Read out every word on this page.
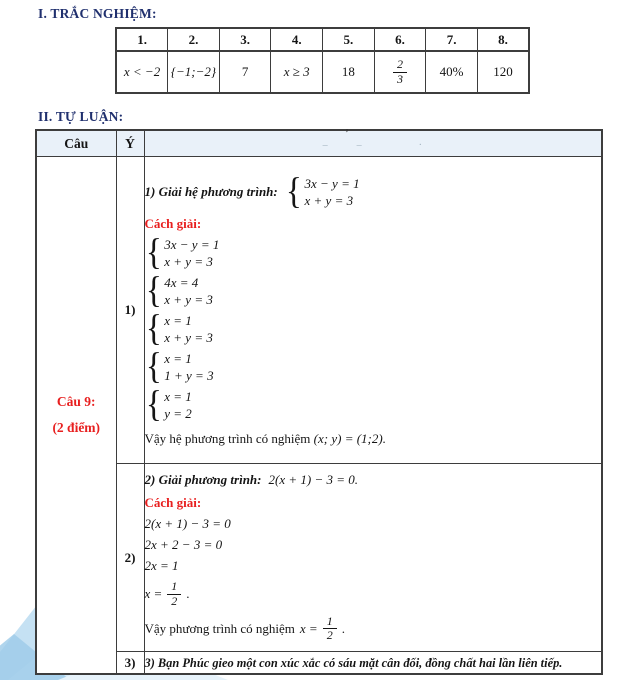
I. TRẮC NGHIỆM:
1.	2.	3.	4.	5.	6.	7.	8.
x < −2	{−1;−2}	7	x ≥ 3	18	$\frac{2}{3}$	40%	120
II. TỰ LUẬN:
Câu	Ý	ʼ
–        –                ·

Câu 9:
(2 điểm)
	1)	
1) Giải hệ phương trình: { 3x − y = 1
x + y = 3
Cách giải:
{ 3x − y = 1
x + y = 3
{ 4x = 4
x + y = 3
{ x = 1
x + y = 3
{ x = 1
1 + y = 3
{ x = 1
y = 2
Vậy hệ phương trình có nghiệm (x; y) = (1;2).

2)	
2) Giải phương trình: 2(x + 1) − 3 = 0.
Cách giải:
2(x + 1) − 3 = 0
2x + 2 − 3 = 0
2x = 1
$x = \frac{1}{2}$ .
Vậy phương trình có nghiệm $x = \frac{1}{2}$ .

	3)	3) Bạn Phúc gieo một con xúc xắc có sáu mặt cân đối, đồng chất hai lần liên tiếp.
